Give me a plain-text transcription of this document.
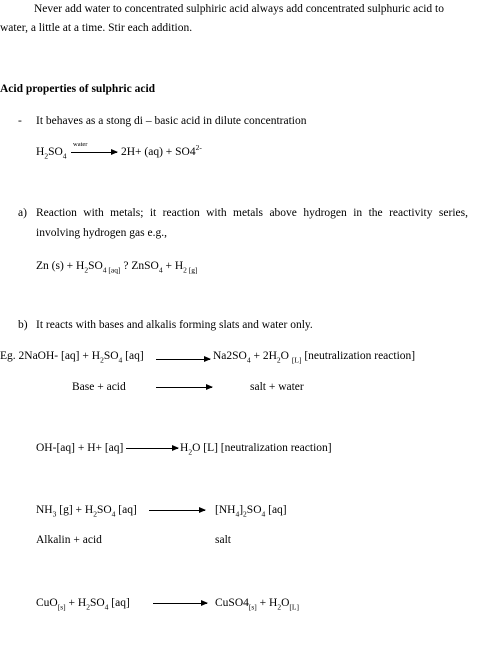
Never add water to concentrated sulphiric acid always add concentrated sulphuric acid to
water, a little at a time. Stir each addition.
Acid properties of sulphric acid
- It behaves as a stong di – basic acid in dilute concentration
$H_2SO_4$
water
$2H+ (aq) + SO4^{2-}$
a) Reaction with metals; it reaction with metals above hydrogen in the reactivity series,
involving hydrogen gas e.g.,
Zn $(s) + H_2SO_{4 [aq]}$ ? ZnSO$_4$ + $H_{2 [g]}$
b) It reacts with bases and alkalis forming slats and water only.
Eg. 2NaOH- $[aq] + H_2SO_4$ [aq]	$Na2SO_4 + 2H_2O$ $_{[L]}$ [neutralization reaction]
Base + acid	salt + water
OH-[aq] + H+ [aq]	$H_2O$ [L] [neutralization reaction]
$NH_3$ $[g] + H_2SO_4$ [aq]	$[NH_4]_2SO_4$ [aq]
Alkalin + acid	salt
$CuO_{[s]} + H_2SO_4$ [aq]	$CuSO4_{[s]} + H_2O_{[L]}$
